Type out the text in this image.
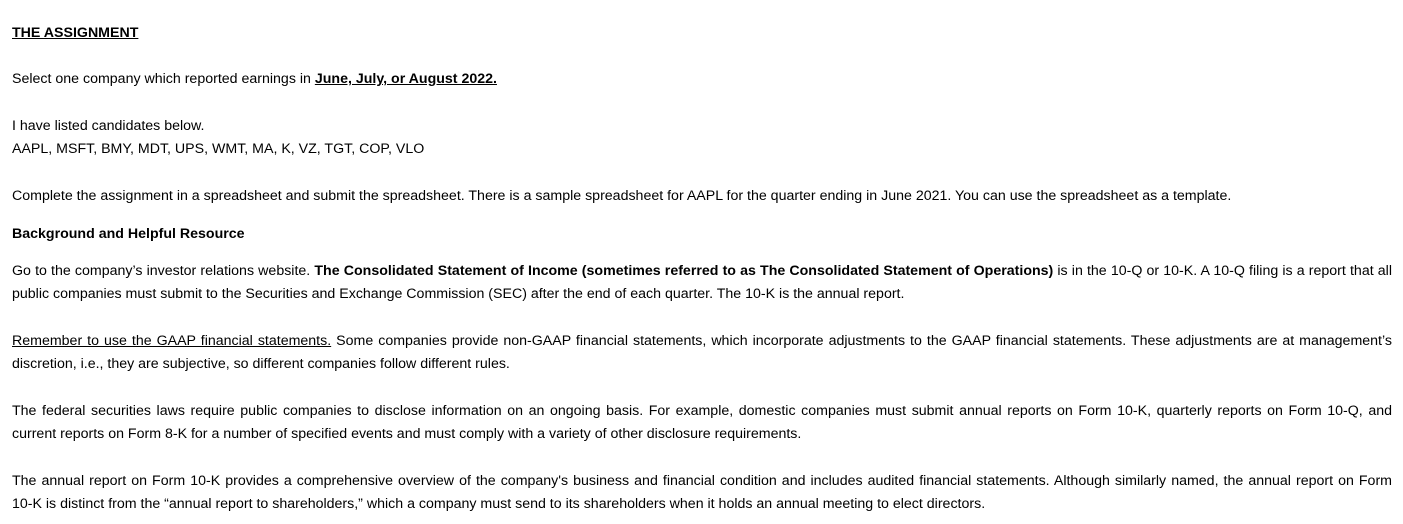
THE ASSIGNMENT
Select one company which reported earnings in June, July, or August 2022.
I have listed candidates below.
AAPL, MSFT, BMY, MDT, UPS, WMT, MA, K, VZ, TGT, COP, VLO
Complete the assignment in a spreadsheet and submit the spreadsheet. There is a sample spreadsheet for AAPL for the quarter ending in June 2021. You can use the spreadsheet as a template.
Background and Helpful Resource
Go to the company’s investor relations website. The Consolidated Statement of Income (sometimes referred to as The Consolidated Statement of Operations) is in the 10-Q or 10-K. A 10-Q filing is a report that all
public companies must submit to the Securities and Exchange Commission (SEC) after the end of each quarter. The 10-K is the annual report.
Remember to use the GAAP financial statements. Some companies provide non-GAAP financial statements, which incorporate adjustments to the GAAP financial statements. These adjustments are at management’s
discretion, i.e., they are subjective, so different companies follow different rules.
The federal securities laws require public companies to disclose information on an ongoing basis. For example, domestic companies must submit annual reports on Form 10-K, quarterly reports on Form 10-Q, and
current reports on Form 8-K for a number of specified events and must comply with a variety of other disclosure requirements.
The annual report on Form 10-K provides a comprehensive overview of the company's business and financial condition and includes audited financial statements. Although similarly named, the annual report on Form
10-K is distinct from the “annual report to shareholders,” which a company must send to its shareholders when it holds an annual meeting to elect directors.
